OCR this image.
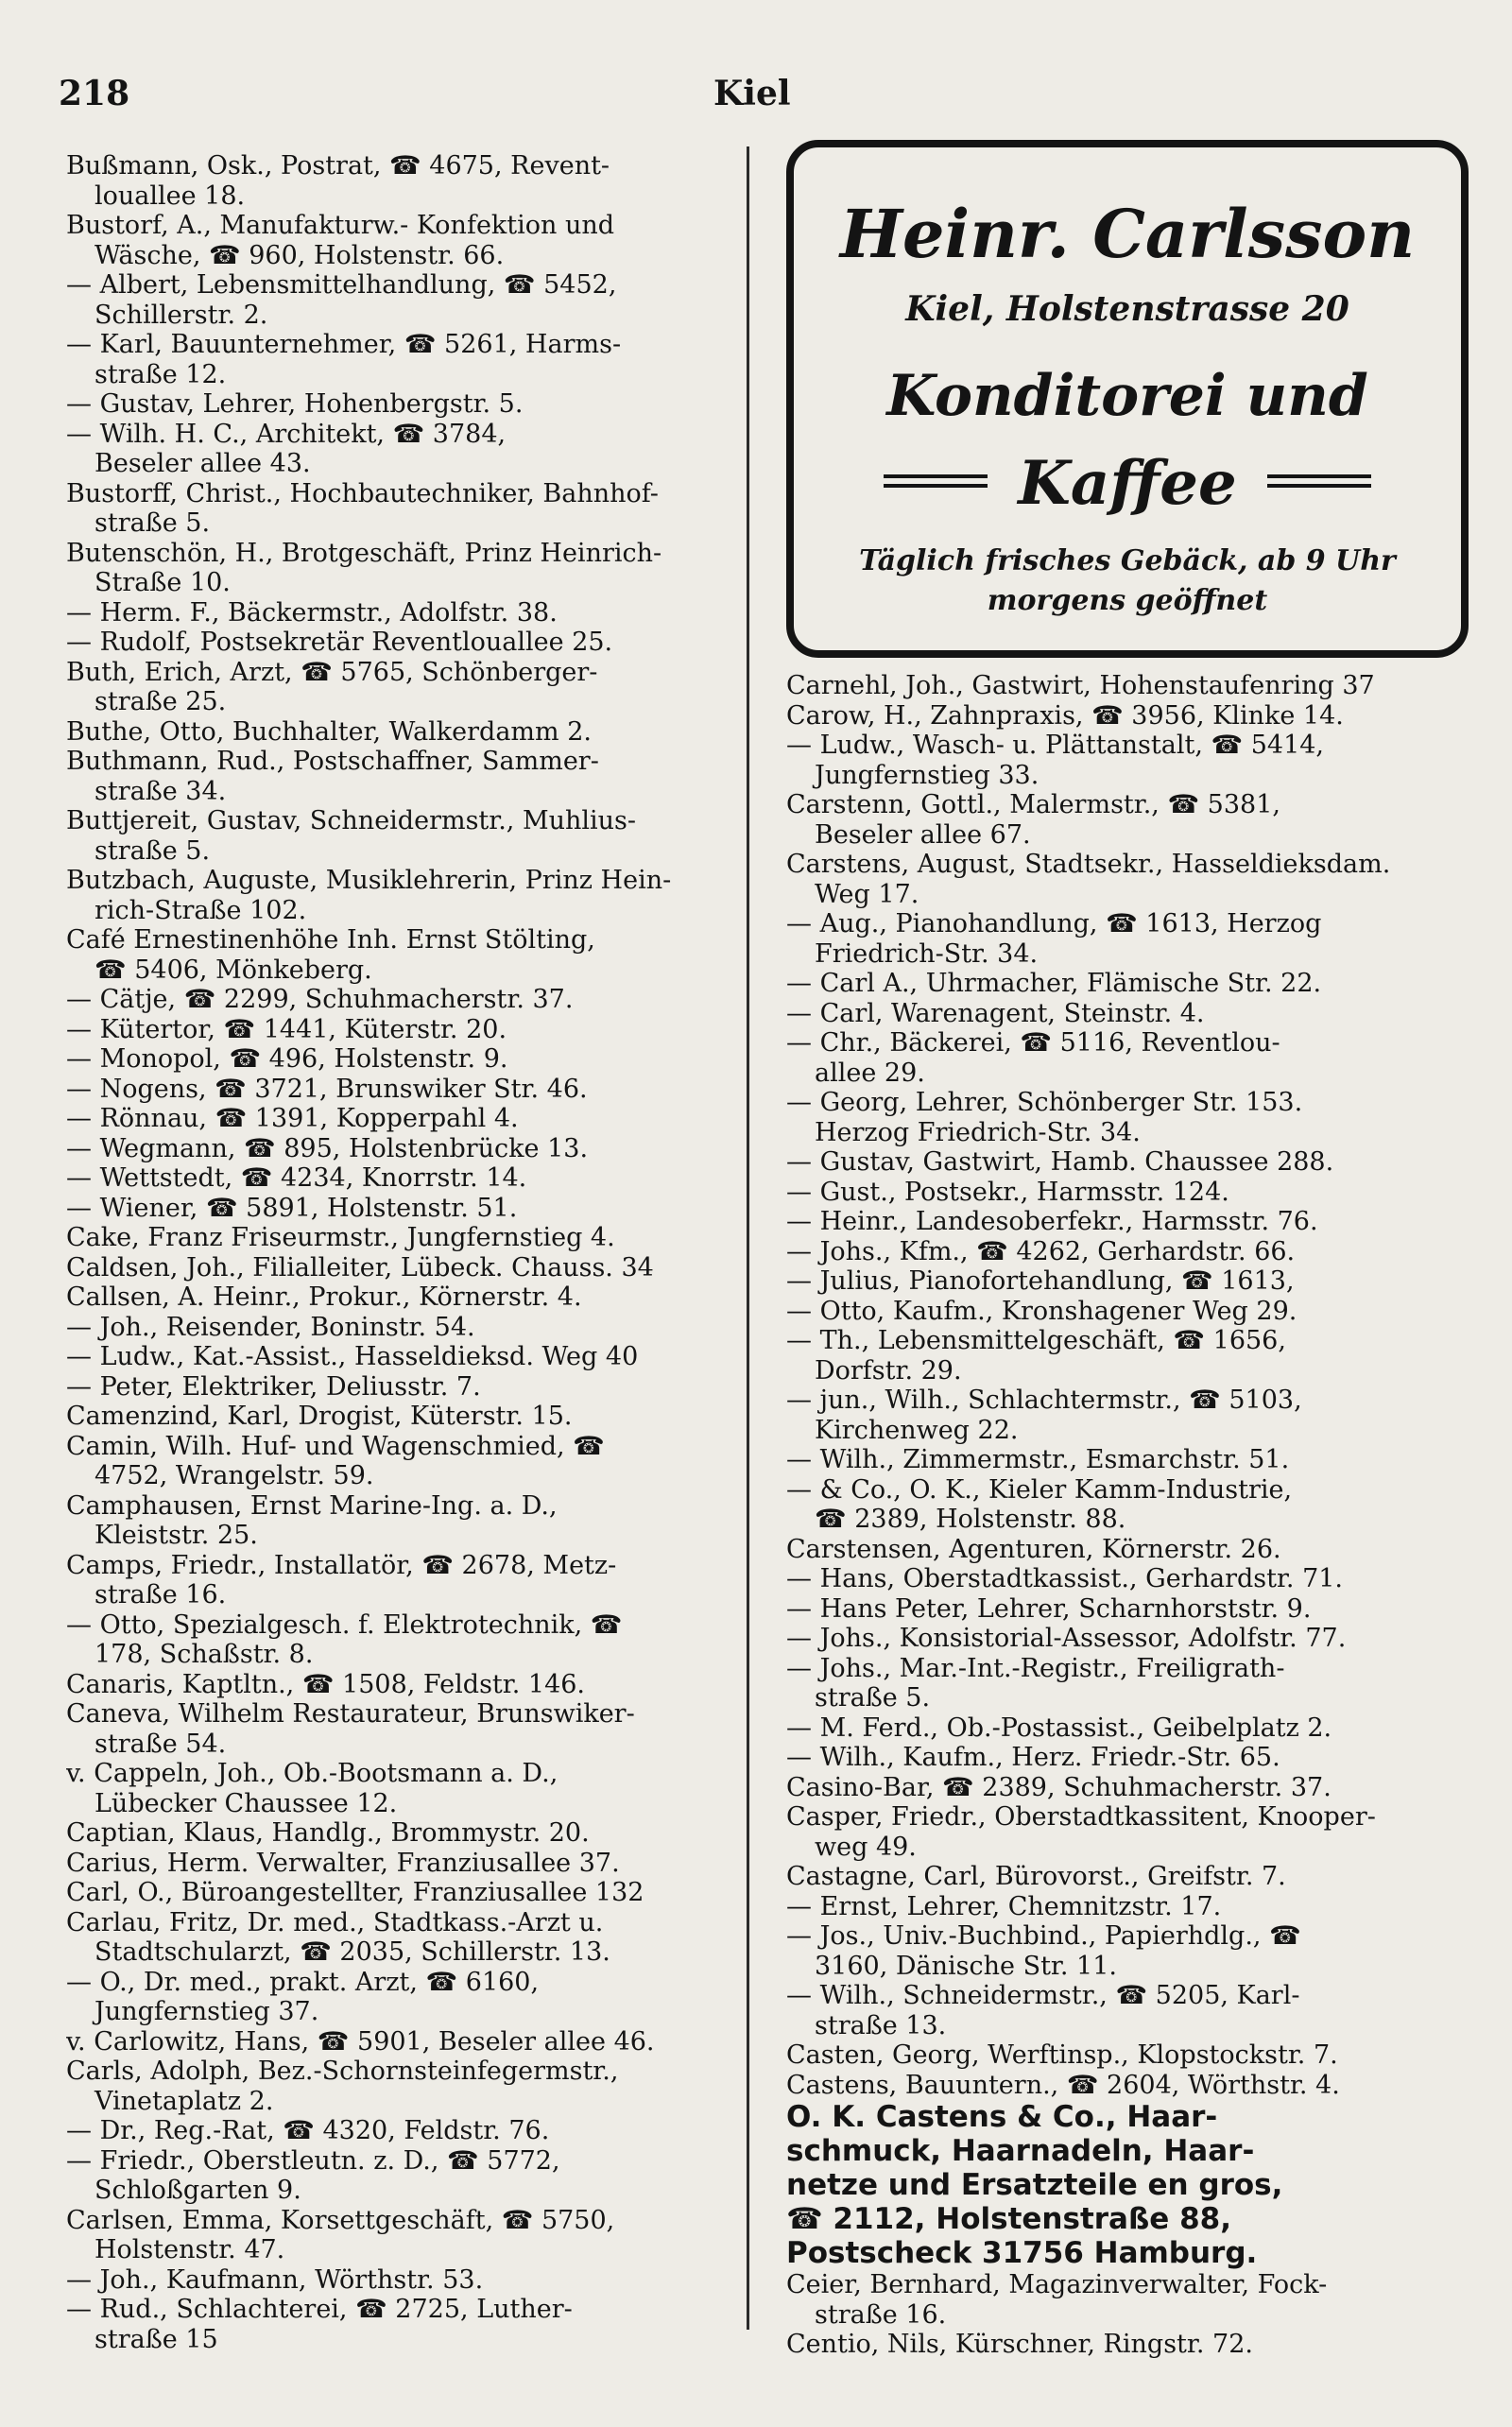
218	Kiel
Bußmann, Osk., Postrat, ☎ 4675, Revent-
louallee 18.
Bustorf, A., Manufakturw.- Konfektion und
Wäsche, ☎ 960, Holstenstr. 66.
— Albert, Lebensmittelhandlung, ☎ 5452,
Schillerstr. 2.
— Karl, Bauunternehmer, ☎ 5261, Harms-
straße 12.
— Gustav, Lehrer, Hohenbergstr. 5.
— Wilh. H. C., Architekt, ☎ 3784,
Beseler allee 43.
Bustorff, Christ., Hochbautechniker, Bahnhof-
straße 5.
Butenschön, H., Brotgeschäft, Prinz Heinrich-
Straße 10.
— Herm. F., Bäckermstr., Adolfstr. 38.
— Rudolf, Postsekretär Reventlouallee 25.
Buth, Erich, Arzt, ☎ 5765, Schönberger-
straße 25.
Buthe, Otto, Buchhalter, Walkerdamm 2.
Buthmann, Rud., Postschaffner, Sammer-
straße 34.
Buttjereit, Gustav, Schneidermstr., Muhlius-
straße 5.
Butzbach, Auguste, Musiklehrerin, Prinz Hein-
rich-Straße 102.
Café Ernestinenhöhe Inh. Ernst Stölting,
☎ 5406, Mönkeberg.
— Cätje, ☎ 2299, Schuhmacherstr. 37.
— Kütertor, ☎ 1441, Küterstr. 20.
— Monopol, ☎ 496, Holstenstr. 9.
— Nogens, ☎ 3721, Brunswiker Str. 46.
— Rönnau, ☎ 1391, Kopperpahl 4.
— Wegmann, ☎ 895, Holstenbrücke 13.
— Wettstedt, ☎ 4234, Knorrstr. 14.
— Wiener, ☎ 5891, Holstenstr. 51.
Cake, Franz Friseurmstr., Jungfernstieg 4.
Caldsen, Joh., Filialleiter, Lübeck. Chauss. 34
Callsen, A. Heinr., Prokur., Körnerstr. 4.
— Joh., Reisender, Boninstr. 54.
— Ludw., Kat.-Assist., Hasseldieksd. Weg 40
— Peter, Elektriker, Deliusstr. 7.
Camenzind, Karl, Drogist, Küterstr. 15.
Camin, Wilh. Huf- und Wagenschmied, ☎
4752, Wrangelstr. 59.
Camphausen, Ernst Marine-Ing. a. D.,
Kleiststr. 25.
Camps, Friedr., Installatör, ☎ 2678, Metz-
straße 16.
— Otto, Spezialgesch. f. Elektrotechnik, ☎
178, Schaßstr. 8.
Canaris, Kaptltn., ☎ 1508, Feldstr. 146.
Caneva, Wilhelm Restaurateur, Brunswiker-
straße 54.
v. Cappeln, Joh., Ob.-Bootsmann a. D.,
Lübecker Chaussee 12.
Captian, Klaus, Handlg., Brommystr. 20.
Carius, Herm. Verwalter, Franziusallee 37.
Carl, O., Büroangestellter, Franziusallee 132
Carlau, Fritz, Dr. med., Stadtkass.-Arzt u.
Stadtschularzt, ☎ 2035, Schillerstr. 13.
— O., Dr. med., prakt. Arzt, ☎ 6160,
Jungfernstieg 37.
v. Carlowitz, Hans, ☎ 5901, Beseler allee 46.
Carls, Adolph, Bez.-Schornsteinfegermstr.,
Vinetaplatz 2.
— Dr., Reg.-Rat, ☎ 4320, Feldstr. 76.
— Friedr., Oberstleutn. z. D., ☎ 5772,
Schloßgarten 9.
Carlsen, Emma, Korsettgeschäft, ☎ 5750,
Holstenstr. 47.
— Joh., Kaufmann, Wörthstr. 53.
— Rud., Schlachterei, ☎ 2725, Luther-
straße 15
Heinr. Carlsson
Kiel, Holstenstrasse 20
Konditorei und
Kaffee
Täglich frisches Gebäck, ab 9 Uhr
morgens geöffnet
Carnehl, Joh., Gastwirt, Hohenstaufenring 37
Carow, H., Zahnpraxis, ☎ 3956, Klinke 14.
— Ludw., Wasch- u. Plättanstalt, ☎ 5414,
Jungfernstieg 33.
Carstenn, Gottl., Malermstr., ☎ 5381,
Beseler allee 67.
Carstens, August, Stadtsekr., Hasseldieksdam.
Weg 17.
— Aug., Pianohandlung, ☎ 1613, Herzog
Friedrich-Str. 34.
— Carl A., Uhrmacher, Flämische Str. 22.
— Carl, Warenagent, Steinstr. 4.
— Chr., Bäckerei, ☎ 5116, Reventlou-
allee 29.
— Georg, Lehrer, Schönberger Str. 153.
Herzog Friedrich-Str. 34.
— Gustav, Gastwirt, Hamb. Chaussee 288.
— Gust., Postsekr., Harmsstr. 124.
— Heinr., Landesoberfekr., Harmsstr. 76.
— Johs., Kfm., ☎ 4262, Gerhardstr. 66.
— Julius, Pianofortehandlung, ☎ 1613,
— Otto, Kaufm., Kronshagener Weg 29.
— Th., Lebensmittelgeschäft, ☎ 1656,
Dorfstr. 29.
— jun., Wilh., Schlachtermstr., ☎ 5103,
Kirchenweg 22.
— Wilh., Zimmermstr., Esmarchstr. 51.
— & Co., O. K., Kieler Kamm-Industrie,
☎ 2389, Holstenstr. 88.
Carstensen, Agenturen, Körnerstr. 26.
— Hans, Oberstadtkassist., Gerhardstr. 71.
— Hans Peter, Lehrer, Scharnhorststr. 9.
— Johs., Konsistorial-Assessor, Adolfstr. 77.
— Johs., Mar.-Int.-Registr., Freiligrath-
straße 5.
— M. Ferd., Ob.-Postassist., Geibelplatz 2.
— Wilh., Kaufm., Herz. Friedr.-Str. 65.
Casino-Bar, ☎ 2389, Schuhmacherstr. 37.
Casper, Friedr., Oberstadtkassitent, Knooper-
weg 49.
Castagne, Carl, Bürovorst., Greifstr. 7.
— Ernst, Lehrer, Chemnitzstr. 17.
— Jos., Univ.-Buchbind., Papierhdlg., ☎
3160, Dänische Str. 11.
— Wilh., Schneidermstr., ☎ 5205, Karl-
straße 13.
Casten, Georg, Werftinsp., Klopstockstr. 7.
Castens, Bauuntern., ☎ 2604, Wörthstr. 4.
O. K. Castens & Co., Haar-
schmuck, Haarnadeln, Haar-
netze und Ersatzteile en gros,
☎ 2112, Holstenstraße 88,
Postscheck 31756 Hamburg.
Ceier, Bernhard, Magazinverwalter, Fock-
straße 16.
Centio, Nils, Kürschner, Ringstr. 72.
